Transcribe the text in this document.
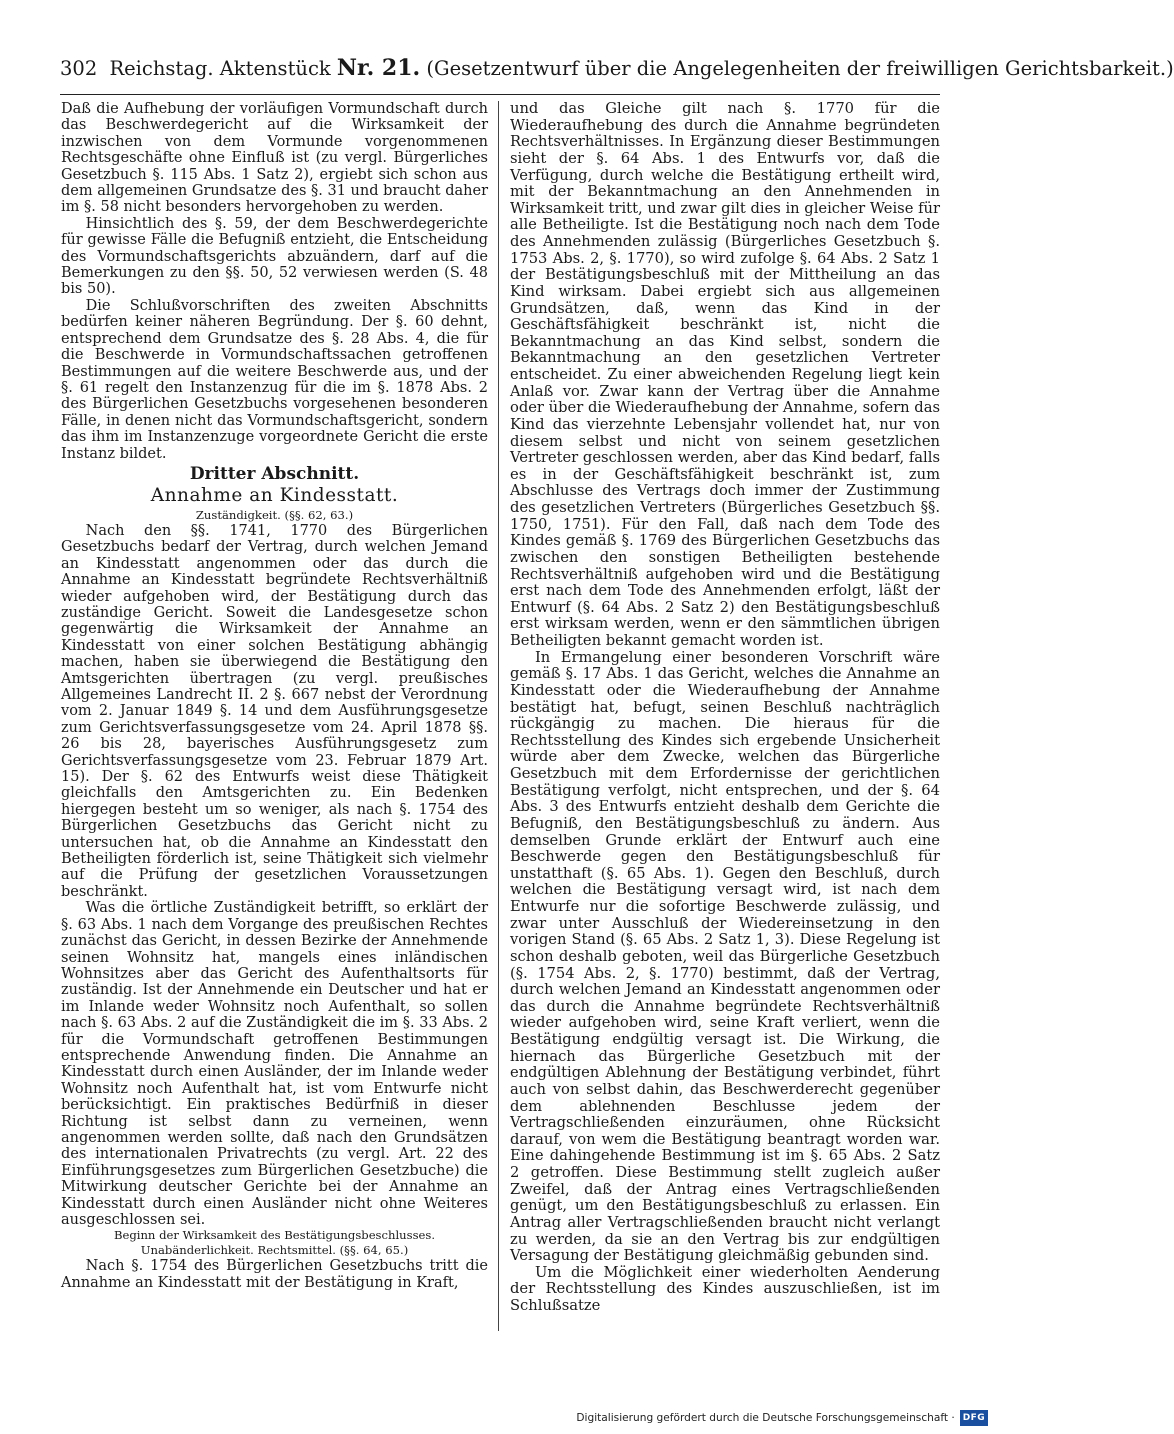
302 Reichstag. Aktenstück Nr. 21. (Gesetzentwurf über die Angelegenheiten der freiwilligen Gerichtsbarkeit.)

Daß die Aufhebung der vorläufigen Vormundschaft durch das Beschwerdegericht auf die Wirksamkeit der inzwischen von dem Vormunde vorgenommenen Rechtsgeschäfte ohne Einfluß ist (zu vergl. Bürgerliches Gesetzbuch §. 115 Abs. 1 Satz 2), ergiebt sich schon aus dem allgemeinen Grundsatze des §. 31 und braucht daher im §. 58 nicht besonders hervorgehoben zu werden.

Hinsichtlich des §. 59, der dem Beschwerdegerichte für gewisse Fälle die Befugniß entzieht, die Entscheidung des Vormundschaftsgerichts abzuändern, darf auf die Bemerkungen zu den §§. 50, 52 verwiesen werden (S. 48 bis 50).

Die Schlußvorschriften des zweiten Abschnitts bedürfen keiner näheren Begründung. Der §. 60 dehnt, entsprechend dem Grundsatze des §. 28 Abs. 4, die für die Beschwerde in Vormundschaftssachen getroffenen Bestimmungen auf die weitere Beschwerde aus, und der §. 61 regelt den Instanzenzug für die im §. 1878 Abs. 2 des Bürgerlichen Gesetzbuchs vorgesehenen besonderen Fälle, in denen nicht das Vormundschaftsgericht, sondern das ihm im Instanzenzuge vorgeordnete Gericht die erste Instanz bildet.

Dritter Abschnitt.
Annahme an Kindesstatt.
Zuständigkeit. (§§. 62, 63.)

Nach den §§. 1741, 1770 des Bürgerlichen Gesetzbuchs bedarf der Vertrag, durch welchen Jemand an Kindesstatt angenommen oder das durch die Annahme an Kindesstatt begründete Rechtsverhältniß wieder aufgehoben wird, der Bestätigung durch das zuständige Gericht. Soweit die Landesgesetze schon gegenwärtig die Wirksamkeit der Annahme an Kindesstatt von einer solchen Bestätigung abhängig machen, haben sie überwiegend die Bestätigung den Amtsgerichten übertragen (zu vergl. preußisches Allgemeines Landrecht II. 2 §. 667 nebst der Verordnung vom 2. Januar 1849 §. 14 und dem Ausführungsgesetze zum Gerichtsverfassungsgesetze vom 24. April 1878 §§. 26 bis 28, bayerisches Ausführungsgesetz zum Gerichtsverfassungsgesetze vom 23. Februar 1879 Art. 15). Der §. 62 des Entwurfs weist diese Thätigkeit gleichfalls den Amtsgerichten zu. Ein Bedenken hiergegen besteht um so weniger, als nach §. 1754 des Bürgerlichen Gesetzbuchs das Gericht nicht zu untersuchen hat, ob die Annahme an Kindesstatt den Betheiligten förderlich ist, seine Thätigkeit sich vielmehr auf die Prüfung der gesetzlichen Voraussetzungen beschränkt.

Was die örtliche Zuständigkeit betrifft, so erklärt der §. 63 Abs. 1 nach dem Vorgange des preußischen Rechtes zunächst das Gericht, in dessen Bezirke der Annehmende seinen Wohnsitz hat, mangels eines inländischen Wohnsitzes aber das Gericht des Aufenthaltsorts für zuständig. Ist der Annehmende ein Deutscher und hat er im Inlande weder Wohnsitz noch Aufenthalt, so sollen nach §. 63 Abs. 2 auf die Zuständigkeit die im §. 33 Abs. 2 für die Vormundschaft getroffenen Bestimmungen entsprechende Anwendung finden. Die Annahme an Kindesstatt durch einen Ausländer, der im Inlande weder Wohnsitz noch Aufenthalt hat, ist vom Entwurfe nicht berücksichtigt. Ein praktisches Bedürfniß in dieser Richtung ist selbst dann zu verneinen, wenn angenommen werden sollte, daß nach den Grundsätzen des internationalen Privatrechts (zu vergl. Art. 22 des Einführungsgesetzes zum Bürgerlichen Gesetzbuche) die Mitwirkung deutscher Gerichte bei der Annahme an Kindesstatt durch einen Ausländer nicht ohne Weiteres ausgeschlossen sei.

Beginn der Wirksamkeit des Bestätigungsbeschlusses.
Unabänderlichkeit. Rechtsmittel. (§§. 64, 65.)

Nach §. 1754 des Bürgerlichen Gesetzbuchs tritt die Annahme an Kindesstatt mit der Bestätigung in Kraft,

und das Gleiche gilt nach §. 1770 für die Wiederaufhebung des durch die Annahme begründeten Rechtsverhältnisses. In Ergänzung dieser Bestimmungen sieht der §. 64 Abs. 1 des Entwurfs vor, daß die Verfügung, durch welche die Bestätigung ertheilt wird, mit der Bekanntmachung an den Annehmenden in Wirksamkeit tritt, und zwar gilt dies in gleicher Weise für alle Betheiligte. Ist die Bestätigung noch nach dem Tode des Annehmenden zulässig (Bürgerliches Gesetzbuch §. 1753 Abs. 2, §. 1770), so wird zufolge §. 64 Abs. 2 Satz 1 der Bestätigungsbeschluß mit der Mittheilung an das Kind wirksam. Dabei ergiebt sich aus allgemeinen Grundsätzen, daß, wenn das Kind in der Geschäftsfähigkeit beschränkt ist, nicht die Bekanntmachung an das Kind selbst, sondern die Bekanntmachung an den gesetzlichen Vertreter entscheidet. Zu einer abweichenden Regelung liegt kein Anlaß vor. Zwar kann der Vertrag über die Annahme oder über die Wiederaufhebung der Annahme, sofern das Kind das vierzehnte Lebensjahr vollendet hat, nur von diesem selbst und nicht von seinem gesetzlichen Vertreter geschlossen werden, aber das Kind bedarf, falls es in der Geschäftsfähigkeit beschränkt ist, zum Abschlusse des Vertrags doch immer der Zustimmung des gesetzlichen Vertreters (Bürgerliches Gesetzbuch §§. 1750, 1751). Für den Fall, daß nach dem Tode des Kindes gemäß §. 1769 des Bürgerlichen Gesetzbuchs das zwischen den sonstigen Betheiligten bestehende Rechtsverhältniß aufgehoben wird und die Bestätigung erst nach dem Tode des Annehmenden erfolgt, läßt der Entwurf (§. 64 Abs. 2 Satz 2) den Bestätigungsbeschluß erst wirksam werden, wenn er den sämmtlichen übrigen Betheiligten bekannt gemacht worden ist.

In Ermangelung einer besonderen Vorschrift wäre gemäß §. 17 Abs. 1 das Gericht, welches die Annahme an Kindesstatt oder die Wiederaufhebung der Annahme bestätigt hat, befugt, seinen Beschluß nachträglich rückgängig zu machen. Die hieraus für die Rechtsstellung des Kindes sich ergebende Unsicherheit würde aber dem Zwecke, welchen das Bürgerliche Gesetzbuch mit dem Erfordernisse der gerichtlichen Bestätigung verfolgt, nicht entsprechen, und der §. 64 Abs. 3 des Entwurfs entzieht deshalb dem Gerichte die Befugniß, den Bestätigungsbeschluß zu ändern. Aus demselben Grunde erklärt der Entwurf auch eine Beschwerde gegen den Bestätigungsbeschluß für unstatthaft (§. 65 Abs. 1). Gegen den Beschluß, durch welchen die Bestätigung versagt wird, ist nach dem Entwurfe nur die sofortige Beschwerde zulässig, und zwar unter Ausschluß der Wiedereinsetzung in den vorigen Stand (§. 65 Abs. 2 Satz 1, 3). Diese Regelung ist schon deshalb geboten, weil das Bürgerliche Gesetzbuch (§. 1754 Abs. 2, §. 1770) bestimmt, daß der Vertrag, durch welchen Jemand an Kindesstatt angenommen oder das durch die Annahme begründete Rechtsverhältniß wieder aufgehoben wird, seine Kraft verliert, wenn die Bestätigung endgültig versagt ist. Die Wirkung, die hiernach das Bürgerliche Gesetzbuch mit der endgültigen Ablehnung der Bestätigung verbindet, führt auch von selbst dahin, das Beschwerderecht gegenüber dem ablehnenden Beschlusse jedem der Vertragschließenden einzuräumen, ohne Rücksicht darauf, von wem die Bestätigung beantragt worden war. Eine dahingehende Bestimmung ist im §. 65 Abs. 2 Satz 2 getroffen. Diese Bestimmung stellt zugleich außer Zweifel, daß der Antrag eines Vertragschließenden genügt, um den Bestätigungsbeschluß zu erlassen. Ein Antrag aller Vertragschließenden braucht nicht verlangt zu werden, da sie an den Vertrag bis zur endgültigen Versagung der Bestätigung gleichmäßig gebunden sind.

Um die Möglichkeit einer wiederholten Aenderung der Rechtsstellung des Kindes auszuschließen, ist im Schlußsatze

Digitalisierung gefördert durch die Deutsche Forschungsgemeinschaft · DFG
